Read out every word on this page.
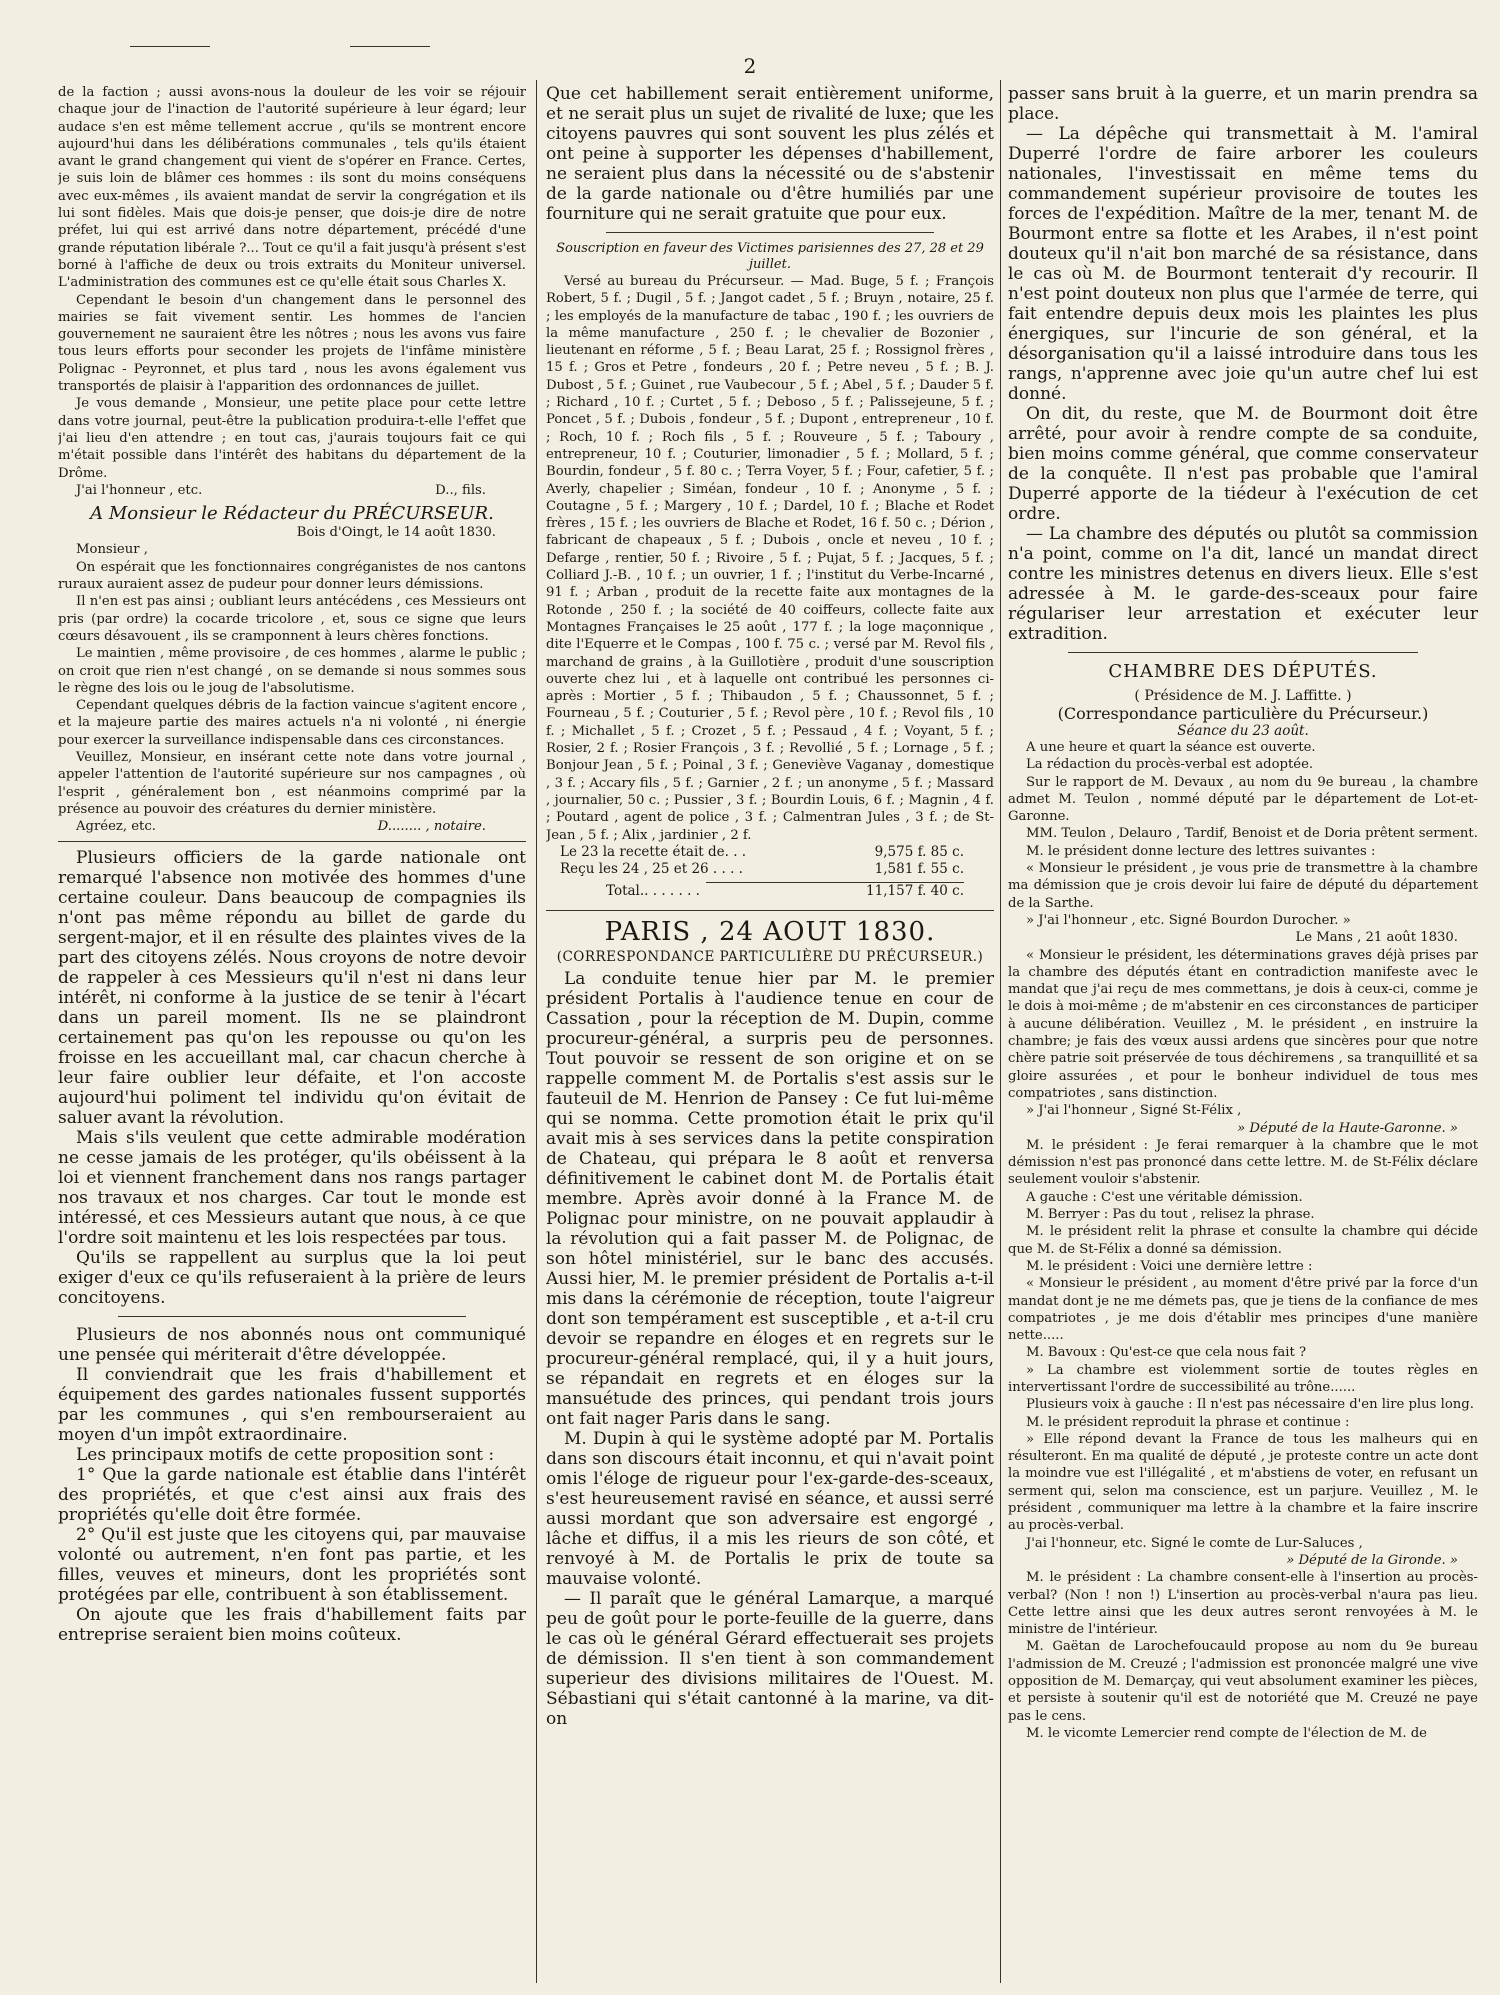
2

de la faction ; aussi avons-nous la douleur de les voir se réjouir chaque jour de l'inaction de l'autorité supérieure à leur égard; leur audace s'en est même tellement accrue , qu'ils se montrent encore aujourd'hui dans les délibérations communales , tels qu'ils étaient avant le grand changement qui vient de s'opérer en France. Certes, je suis loin de blâmer ces hommes : ils sont du moins conséquens avec eux-mêmes , ils avaient mandat de servir la congrégation et ils lui sont fidèles. Mais que dois-je penser, que dois-je dire de notre préfet, lui qui est arrivé dans notre département, précédé d'une grande réputation libérale ?... Tout ce qu'il a fait jusqu'à présent s'est borné à l'affiche de deux ou trois extraits du Moniteur universel. L'administration des communes est ce qu'elle était sous Charles X.

Cependant le besoin d'un changement dans le personnel des mairies se fait vivement sentir. Les hommes de l'ancien gouvernement ne sauraient être les nôtres ; nous les avons vus faire tous leurs efforts pour seconder les projets de l'infâme ministère Polignac - Peyronnet, et plus tard , nous les avons également vus transportés de plaisir à l'apparition des ordonnances de juillet.

Je vous demande , Monsieur, une petite place pour cette lettre dans votre journal, peut-être la publication produira-t-elle l'effet que j'ai lieu d'en attendre ; en tout cas, j'aurais toujours fait ce qui m'était possible dans l'intérêt des habitans du département de la Drôme.

J'ai l'honneur , etc.	D.., fils.

A Monsieur le Rédacteur du PRÉCURSEUR.

Bois d'Oingt, le 14 août 1830.

Monsieur ,

On espérait que les fonctionnaires congréganistes de nos cantons ruraux auraient assez de pudeur pour donner leurs démissions.

Il n'en est pas ainsi ; oubliant leurs antécédens , ces Messieurs ont pris (par ordre) la cocarde tricolore , et, sous ce signe que leurs cœurs désavouent , ils se cramponnent à leurs chères fonctions.

Le maintien , même provisoire , de ces hommes , alarme le public ; on croit que rien n'est changé , on se demande si nous sommes sous le règne des lois ou le joug de l'absolutisme.

Cependant quelques débris de la faction vaincue s'agitent encore , et la majeure partie des maires actuels n'a ni volonté , ni énergie pour exercer la surveillance indispensable dans ces circonstances.

Veuillez, Monsieur, en insérant cette note dans votre journal , appeler l'attention de l'autorité supérieure sur nos campagnes , où l'esprit , généralement bon , est néanmoins comprimé par la présence au pouvoir des créatures du dernier ministère.

Agréez, etc.	D........ , notaire.

Plusieurs officiers de la garde nationale ont remarqué l'absence non motivée des hommes d'une certaine couleur. Dans beaucoup de compagnies ils n'ont pas même répondu au billet de garde du sergent-major, et il en résulte des plaintes vives de la part des citoyens zélés. Nous croyons de notre devoir de rappeler à ces Messieurs qu'il n'est ni dans leur intérêt, ni conforme à la justice de se tenir à l'écart dans un pareil moment. Ils ne se plaindront certainement pas qu'on les repousse ou qu'on les froisse en les accueillant mal, car chacun cherche à leur faire oublier leur défaite, et l'on accoste aujourd'hui poliment tel individu qu'on évitait de saluer avant la révolution.

Mais s'ils veulent que cette admirable modération ne cesse jamais de les protéger, qu'ils obéissent à la loi et viennent franchement dans nos rangs partager nos travaux et nos charges. Car tout le monde est intéressé, et ces Messieurs autant que nous, à ce que l'ordre soit maintenu et les lois respectées par tous.

Qu'ils se rappellent au surplus que la loi peut exiger d'eux ce qu'ils refuseraient à la prière de leurs concitoyens.

Plusieurs de nos abonnés nous ont communiqué une pensée qui mériterait d'être développée.

Il conviendrait que les frais d'habillement et équipement des gardes nationales fussent supportés par les communes , qui s'en rembourseraient au moyen d'un impôt extraordinaire.

Les principaux motifs de cette proposition sont :

1° Que la garde nationale est établie dans l'intérêt des propriétés, et que c'est ainsi aux frais des propriétés qu'elle doit être formée.

2° Qu'il est juste que les citoyens qui, par mauvaise volonté ou autrement, n'en font pas partie, et les filles, veuves et mineurs, dont les propriétés sont protégées par elle, contribuent à son établissement.

On ajoute que les frais d'habillement faits par entreprise seraient bien moins coûteux.

Que cet habillement serait entièrement uniforme, et ne serait plus un sujet de rivalité de luxe; que les citoyens pauvres qui sont souvent les plus zélés et ont peine à supporter les dépenses d'habillement, ne seraient plus dans la nécessité ou de s'abstenir de la garde nationale ou d'être humiliés par une fourniture qui ne serait gratuite que pour eux.

Souscription en faveur des Victimes parisiennes des 27, 28 et 29 juillet.

Versé au bureau du Précurseur. — Mad. Buge, 5 f. ; François Robert, 5 f. ; Dugil , 5 f. ; Jangot cadet , 5 f. ; Bruyn , notaire, 25 f. ; les employés de la manufacture de tabac , 190 f. ; les ouvriers de la même manufacture , 250 f. ; le chevalier de Bozonier , lieutenant en réforme , 5 f. ; Beau Larat, 25 f. ; Rossignol frères , 15 f. ; Gros et Petre , fondeurs , 20 f. ; Petre neveu , 5 f. ; B. J. Dubost , 5 f. ; Guinet , rue Vaubecour , 5 f. ; Abel , 5 f. ; Dauder 5 f. ; Richard , 10 f. ; Curtet , 5 f. ; Deboso , 5 f. ; Palissejeune, 5 f. ; Poncet , 5 f. ; Dubois , fondeur , 5 f. ; Dupont , entrepreneur , 10 f. ; Roch, 10 f. ; Roch fils , 5 f. ; Rouveure , 5 f. ; Taboury , entrepreneur, 10 f. ; Couturier, limonadier , 5 f. ; Mollard, 5 f. ; Bourdin, fondeur , 5 f. 80 c. ; Terra Voyer, 5 f. ; Four, cafetier, 5 f. ; Averly, chapelier ; Siméan, fondeur , 10 f. ; Anonyme , 5 f. ; Coutagne , 5 f. ; Margery , 10 f. ; Dardel, 10 f. ; Blache et Rodet frères , 15 f. ; les ouvriers de Blache et Rodet, 16 f. 50 c. ; Dérion , fabricant de chapeaux , 5 f. ; Dubois , oncle et neveu , 10 f. ; Defarge , rentier, 50 f. ; Rivoire , 5 f. ; Pujat, 5 f. ; Jacques, 5 f. ; Colliard J.-B. , 10 f. ; un ouvrier, 1 f. ; l'institut du Verbe-Incarné , 91 f. ; Arban , produit de la recette faite aux montagnes de la Rotonde , 250 f. ; la société de 40 coiffeurs, collecte faite aux Montagnes Françaises le 25 août , 177 f. ; la loge maçonnique , dite l'Equerre et le Compas , 100 f. 75 c. ; versé par M. Revol fils , marchand de grains , à la Guillotière , produit d'une souscription ouverte chez lui , et à laquelle ont contribué les personnes ci-après : Mortier , 5 f. ; Thibaudon , 5 f. ; Chaussonnet, 5 f. ; Fourneau , 5 f. ; Couturier , 5 f. ; Revol père , 10 f. ; Revol fils , 10 f. ; Michallet , 5 f. ; Crozet , 5 f. ; Pessaud , 4 f. ; Voyant, 5 f. ; Rosier, 2 f. ; Rosier François , 3 f. ; Revollié , 5 f. ; Lornage , 5 f. ; Bonjour Jean , 5 f. ; Poinal , 3 f. ; Geneviève Vaganay , domestique , 3 f. ; Accary fils , 5 f. ; Garnier , 2 f. ; un anonyme , 5 f. ; Massard , journalier, 50 c. ; Pussier , 3 f. ; Bourdin Louis, 6 f. ; Magnin , 4 f. ; Poutard , agent de police , 3 f. ; Calmentran Jules , 3 f. ; de St-Jean , 5 f. ; Alix , jardinier , 2 f.

Le 23 la recette était de. . .	9,575 f. 85 c.
Reçu les 24 , 25 et 26 . . . .	1,581 f. 55 c.
Total.. . . . . . .	11,157 f. 40 c.
PARIS , 24 AOUT 1830.
(CORRESPONDANCE PARTICULIÈRE DU PRÉCURSEUR.)

La conduite tenue hier par M. le premier président Portalis à l'audience tenue en cour de Cassation , pour la réception de M. Dupin, comme procureur-général, a surpris peu de personnes. Tout pouvoir se ressent de son origine et on se rappelle comment M. de Portalis s'est assis sur le fauteuil de M. Henrion de Pansey : Ce fut lui-même qui se nomma. Cette promotion était le prix qu'il avait mis à ses services dans la petite conspiration de Chateau, qui prépara le 8 août et renversa définitivement le cabinet dont M. de Portalis était membre. Après avoir donné à la France M. de Polignac pour ministre, on ne pouvait applaudir à la révolution qui a fait passer M. de Polignac, de son hôtel ministériel, sur le banc des accusés. Aussi hier, M. le premier président de Portalis a-t-il mis dans la cérémonie de réception, toute l'aigreur dont son tempérament est susceptible , et a-t-il cru devoir se repandre en éloges et en regrets sur le procureur-général remplacé, qui, il y a huit jours, se répandait en regrets et en éloges sur la mansuétude des princes, qui pendant trois jours ont fait nager Paris dans le sang.

M. Dupin à qui le système adopté par M. Portalis dans son discours était inconnu, et qui n'avait point omis l'éloge de rigueur pour l'ex-garde-des-sceaux, s'est heureusement ravisé en séance, et aussi serré aussi mordant que son adversaire est engorgé , lâche et diffus, il a mis les rieurs de son côté, et renvoyé à M. de Portalis le prix de toute sa mauvaise volonté.

— Il paraît que le général Lamarque, a marqué peu de goût pour le porte-feuille de la guerre, dans le cas où le général Gérard effectuerait ses projets de démission. Il s'en tient à son commandement superieur des divisions militaires de l'Ouest. M. Sébastiani qui s'était cantonné à la marine, va dit-on

passer sans bruit à la guerre, et un marin prendra sa place.

— La dépêche qui transmettait à M. l'amiral Duperré l'ordre de faire arborer les couleurs nationales, l'investissait en même tems du commandement supérieur provisoire de toutes les forces de l'expédition. Maître de la mer, tenant M. de Bourmont entre sa flotte et les Arabes, il n'est point douteux qu'il n'ait bon marché de sa résistance, dans le cas où M. de Bourmont tenterait d'y recourir. Il n'est point douteux non plus que l'armée de terre, qui fait entendre depuis deux mois les plaintes les plus énergiques, sur l'incurie de son général, et la désorganisation qu'il a laissé introduire dans tous les rangs, n'apprenne avec joie qu'un autre chef lui est donné.

On dit, du reste, que M. de Bourmont doit être arrêté, pour avoir à rendre compte de sa conduite, bien moins comme général, que comme conservateur de la conquête. Il n'est pas probable que l'amiral Duperré apporte de la tiédeur à l'exécution de cet ordre.

— La chambre des députés ou plutôt sa commission n'a point, comme on l'a dit, lancé un mandat direct contre les ministres detenus en divers lieux. Elle s'est adressée à M. le garde-des-sceaux pour faire régulariser leur arrestation et exécuter leur extradition.

CHAMBRE DES DÉPUTÉS.
( Présidence de M. J. Laffitte. )
(Correspondance particulière du Précurseur.)
Séance du 23 août.

A une heure et quart la séance est ouverte.

La rédaction du procès-verbal est adoptée.

Sur le rapport de M. Devaux , au nom du 9e bureau , la chambre admet M. Teulon , nommé député par le département de Lot-et-Garonne.

MM. Teulon , Delauro , Tardif, Benoist et de Doria prêtent serment.

M. le président donne lecture des lettres suivantes :

« Monsieur le président , je vous prie de transmettre à la chambre ma démission que je crois devoir lui faire de député du département de la Sarthe.

» J'ai l'honneur , etc. Signé Bourdon Durocher. »

Le Mans , 21 août 1830.

« Monsieur le président, les déterminations graves déjà prises par la chambre des députés étant en contradiction manifeste avec le mandat que j'ai reçu de mes commettans, je dois à ceux-ci, comme je le dois à moi-même ; de m'abstenir en ces circonstances de participer à aucune délibération. Veuillez , M. le président , en instruire la chambre; je fais des vœux aussi ardens que sincères pour que notre chère patrie soit préservée de tous déchiremens , sa tranquillité et sa gloire assurées , et pour le bonheur individuel de tous mes compatriotes , sans distinction.

» J'ai l'honneur , Signé St-Félix ,

» Député de la Haute-Garonne. »

M. le président : Je ferai remarquer à la chambre que le mot démission n'est pas prononcé dans cette lettre. M. de St-Félix déclare seulement vouloir s'abstenir.

A gauche : C'est une véritable démission.

M. Berryer : Pas du tout , relisez la phrase.

M. le président relit la phrase et consulte la chambre qui décide que M. de St-Félix a donné sa démission.

M. le président : Voici une dernière lettre :

« Monsieur le président , au moment d'être privé par la force d'un mandat dont je ne me démets pas, que je tiens de la confiance de mes compatriotes , je me dois d'établir mes principes d'une manière nette.....

M. Bavoux : Qu'est-ce que cela nous fait ?

» La chambre est violemment sortie de toutes règles en intervertissant l'ordre de successibilité au trône......

Plusieurs voix à gauche : Il n'est pas nécessaire d'en lire plus long.

M. le président reproduit la phrase et continue :

» Elle répond devant la France de tous les malheurs qui en résulteront. En ma qualité de député , je proteste contre un acte dont la moindre vue est l'illégalité , et m'abstiens de voter, en refusant un serment qui, selon ma conscience, est un parjure. Veuillez , M. le président , communiquer ma lettre à la chambre et la faire inscrire au procès-verbal.

J'ai l'honneur, etc. Signé le comte de Lur-Saluces ,

» Député de la Gironde. »

M. le président : La chambre consent-elle à l'insertion au procès-verbal? (Non ! non !) L'insertion au procès-verbal n'aura pas lieu. Cette lettre ainsi que les deux autres seront renvoyées à M. le ministre de l'intérieur.

M. Gaëtan de Larochefoucauld propose au nom du 9e bureau l'admission de M. Creuzé ; l'admission est prononcée malgré une vive opposition de M. Demarçay, qui veut absolument examiner les pièces, et persiste à soutenir qu'il est de notoriété que M. Creuzé ne paye pas le cens.

M. le vicomte Lemercier rend compte de l'élection de M. de
